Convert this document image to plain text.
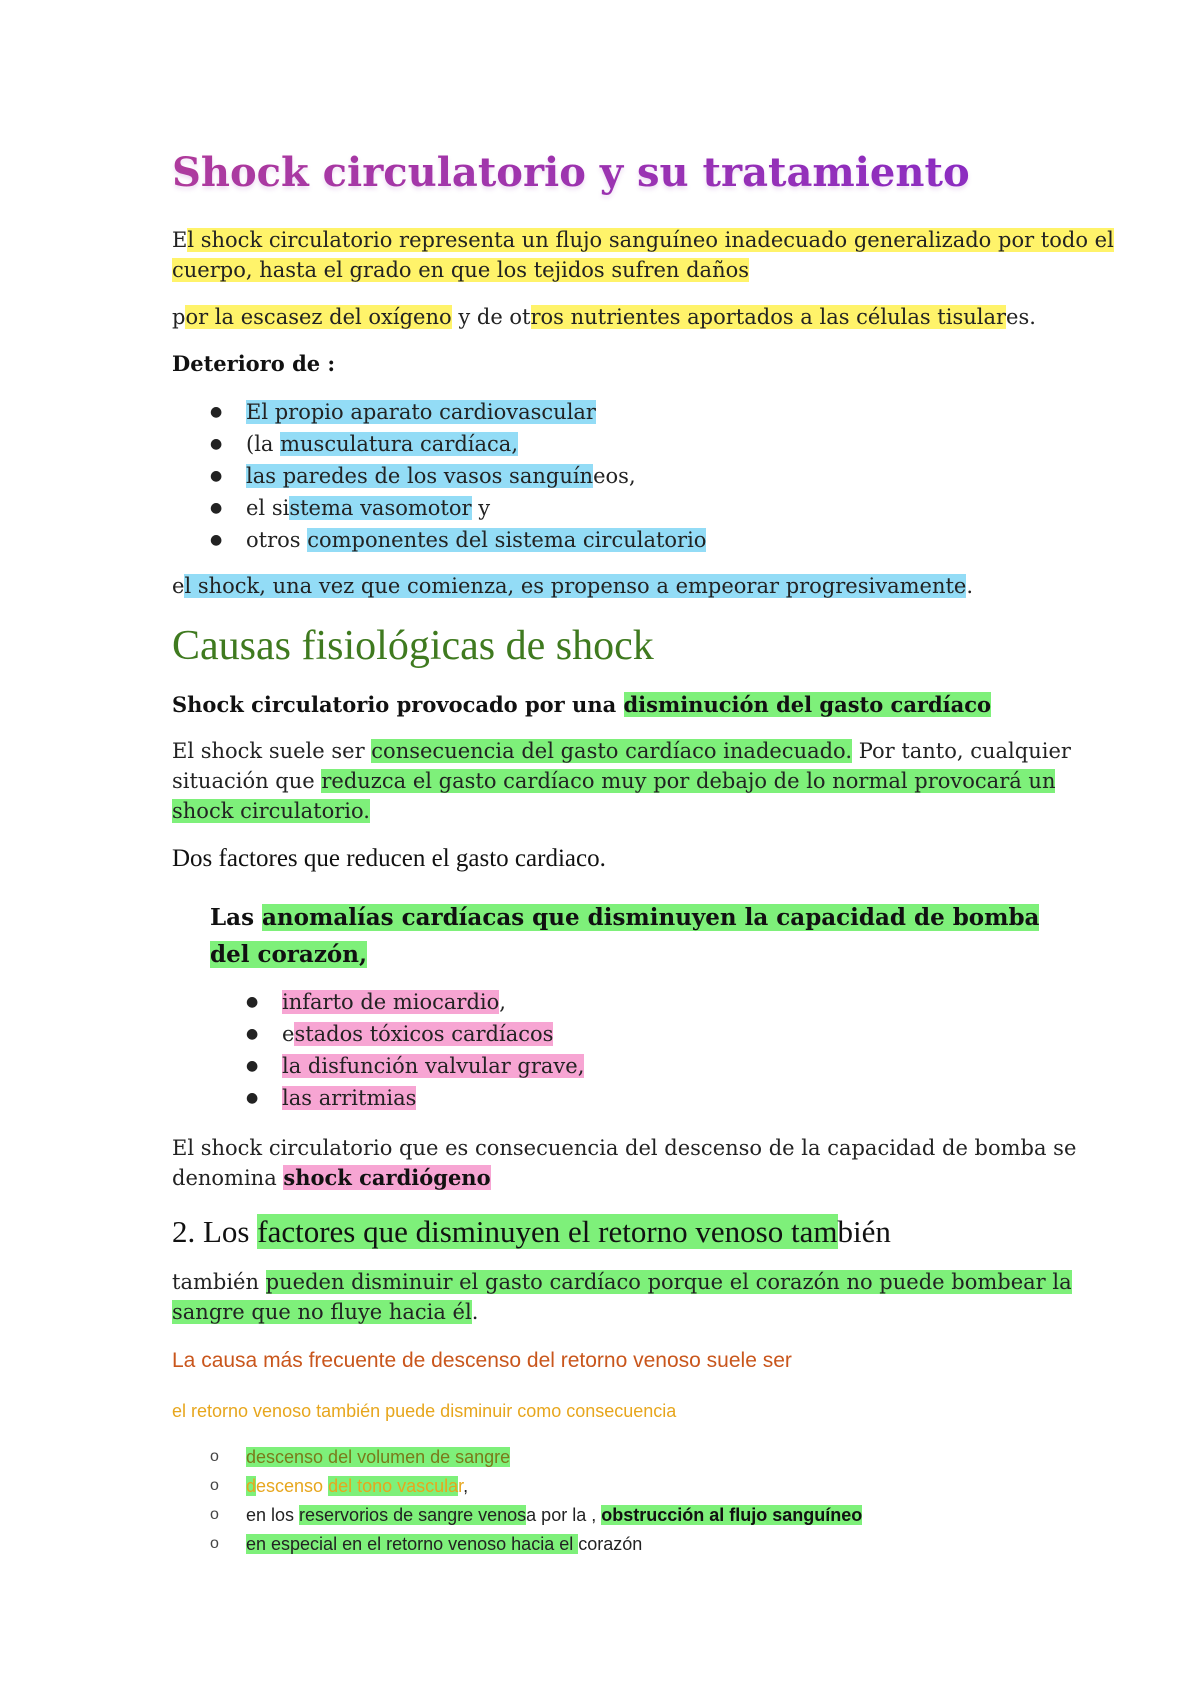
Shock circulatorio y su tratamiento
El shock circulatorio representa un flujo sanguíneo inadecuado generalizado por todo el
cuerpo, hasta el grado en que los tejidos sufren daños
por la escasez del oxígeno y de otros nutrientes aportados a las células tisulares.
Deterioro de :
● El propio aparato cardiovascular
● (la musculatura cardíaca,
● las paredes de los vasos sanguíneos,
● el sistema vasomotor y
● otros componentes del sistema circulatorio
el shock, una vez que comienza, es propenso a empeorar progresivamente.
Causas fisiológicas de shock
Shock circulatorio provocado por una disminución del gasto cardíaco
El shock suele ser consecuencia del gasto cardíaco inadecuado. Por tanto, cualquier
situación que reduzca el gasto cardíaco muy por debajo de lo normal provocará un
shock circulatorio.
Dos factores que reducen el gasto cardiaco.
Las anomalías cardíacas que disminuyen la capacidad de bomba
del corazón,
● infarto de miocardio,
● estados tóxicos cardíacos
● la disfunción valvular grave,
● las arritmias
El shock circulatorio que es consecuencia del descenso de la capacidad de bomba se
denomina shock cardiógeno
2. Los factores que disminuyen el retorno venoso también
también pueden disminuir el gasto cardíaco porque el corazón no puede bombear la
sangre que no fluye hacia él.
La causa más frecuente de descenso del retorno venoso suele ser
el retorno venoso también puede disminuir como consecuencia
o descenso del volumen de sangre
o descenso del tono vascular,
o en los reservorios de sangre venosa por la , obstrucción al flujo sanguíneo
o en especial en el retorno venoso hacia el corazón
